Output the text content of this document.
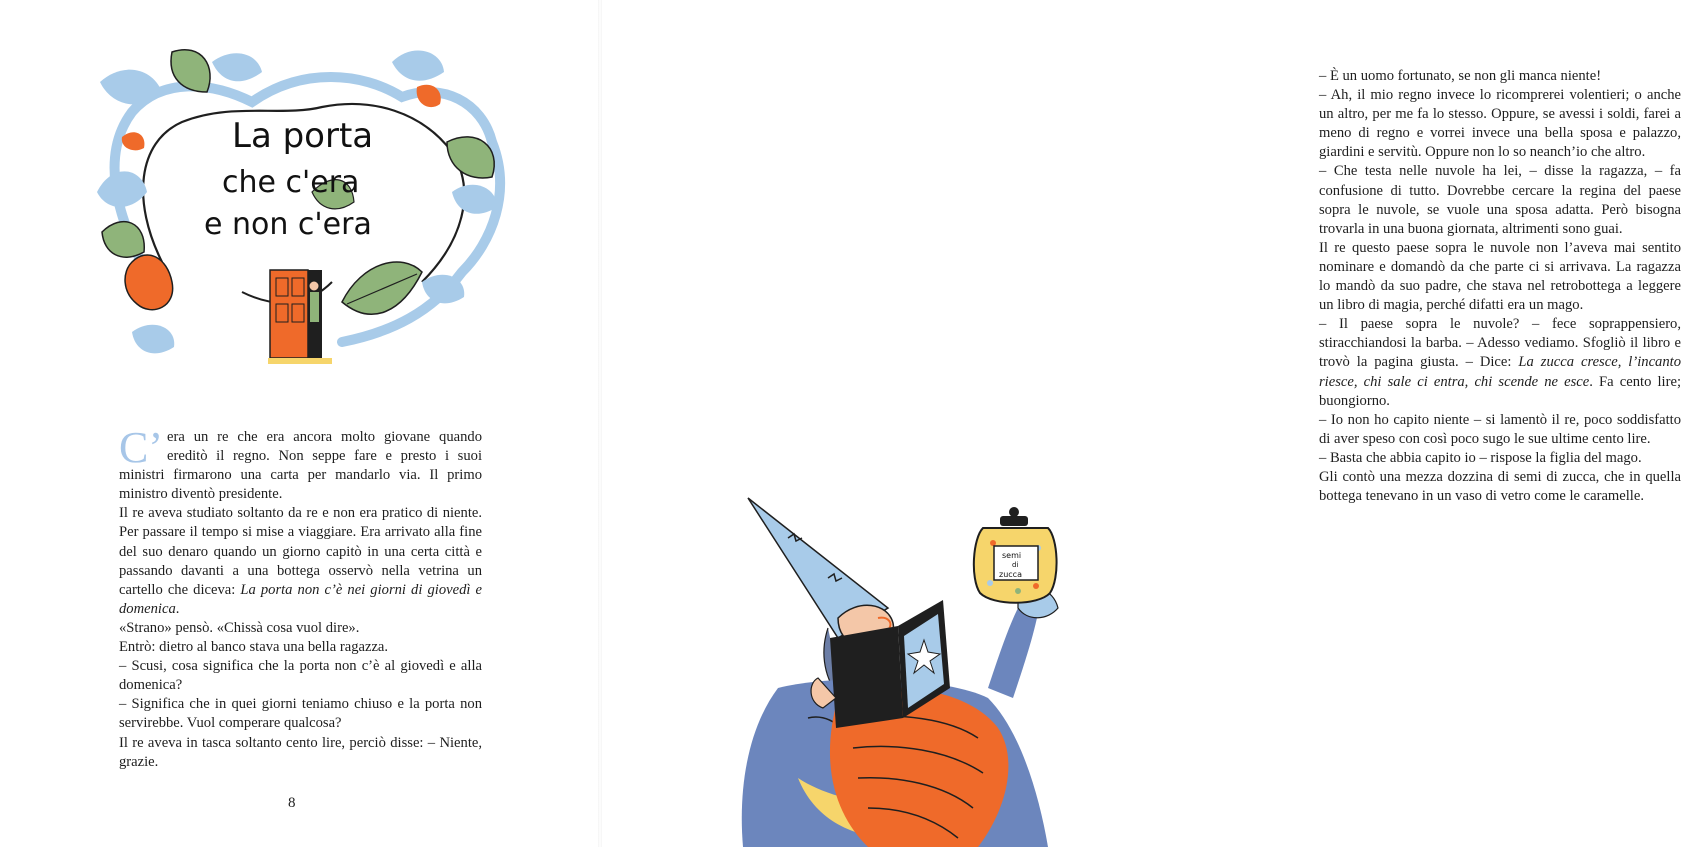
La porta
che c'era
e non c'era

C’ era un re che era ancora molto giovane quando ereditò il regno. Non seppe fare e presto i suoi ministri firmarono una carta per mandarlo via. Il primo ministro diventò presidente.

Il re aveva studiato soltanto da re e non era pratico di niente. Per passare il tempo si mise a viaggiare. Era arrivato alla fine del suo denaro quando un giorno capitò in una certa città e passando davanti a una bottega osservò nella vetrina un cartello che diceva: La porta non c’è nei giorni di giovedì e domenica.

«Strano» pensò. «Chissà cosa vuol dire».

Entrò: dietro al banco stava una bella ragazza.

– Scusi, cosa significa che la porta non c’è al giovedì e alla domenica?

– Significa che in quei giorni teniamo chiuso e la porta non servirebbe. Vuol comperare qualcosa?

Il re aveva in tasca soltanto cento lire, perciò disse: – Niente, grazie.

8

– È un uomo fortunato, se non gli manca niente!

– Ah, il mio regno invece lo ricomprerei volentieri; o anche un altro, per me fa lo stesso. Oppure, se avessi i soldi, farei a meno di regno e vorrei invece una bella sposa e palazzo, giardini e servitù. Oppure non lo so neanch’io che altro.

– Che testa nelle nuvole ha lei, – disse la ragazza, – fa confusione di tutto. Dovrebbe cercare la regina del paese sopra le nuvole, se vuole una sposa adatta. Però bisogna trovarla in una buona giornata, altrimenti sono guai.

Il re questo paese sopra le nuvole non l’aveva mai sentito nominare e domandò da che parte ci si arrivava. La ragazza lo mandò da suo padre, che stava nel retrobottega a leggere un libro di magia, perché difatti era un mago.

– Il paese sopra le nuvole? – fece soprappensiero, stiracchiandosi la barba. – Adesso vediamo. Sfogliò il libro e trovò la pagina giusta. – Dice: La zucca cresce, l’incanto riesce, chi sale ci entra, chi scende ne esce. Fa cento lire; buongiorno.

– Io non ho capito niente – si lamentò il re, poco soddisfatto di aver speso con così poco sugo le sue ultime cento lire.

– Basta che abbia capito io – rispose la figlia del mago.

Gli contò una mezza dozzina di semi di zucca, che in quella bottega tenevano in un vaso di vetro come le caramelle.

semi
di
zucca
